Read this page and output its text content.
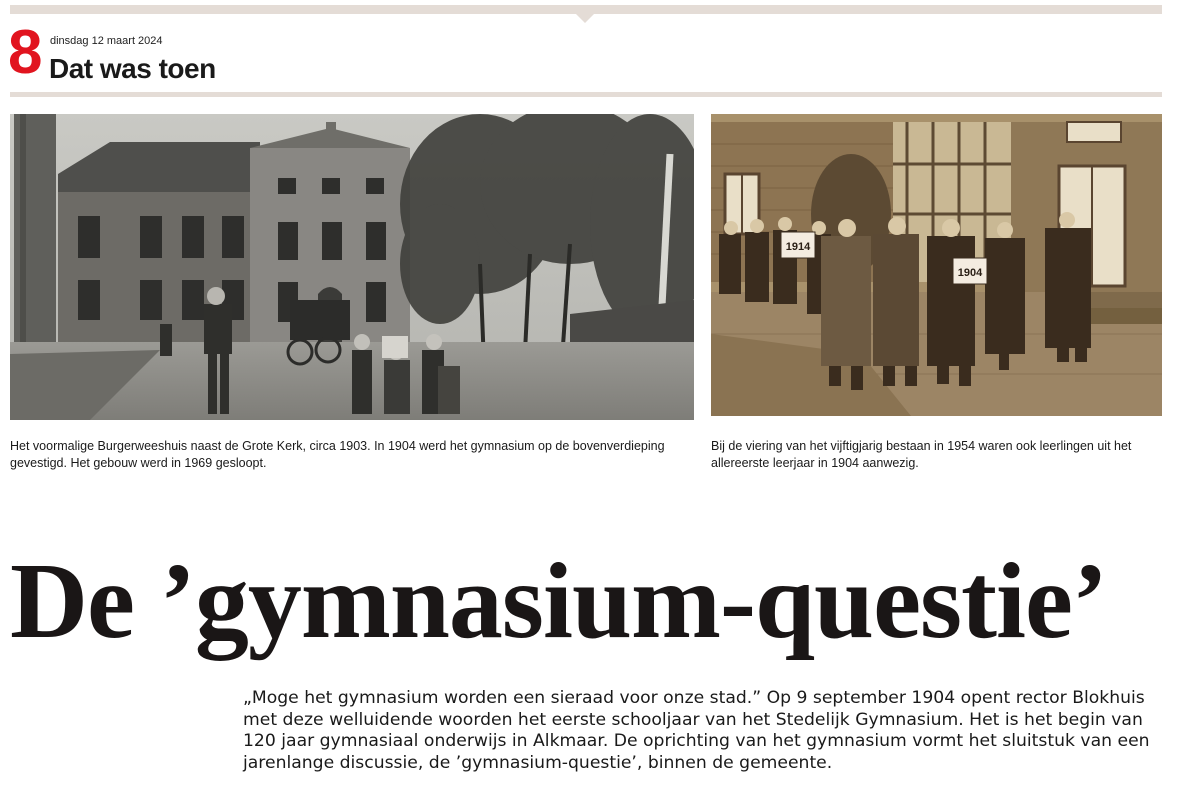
8 dinsdag 12 maart 2024
Dat was toen
1914
1904
Het voormalige Burgerweeshuis naast de Grote Kerk, circa 1903. In 1904 werd het gymnasium op de bovenverdieping gevestigd. Het gebouw werd in 1969 gesloopt.
Bij de viering van het vijftigjarig bestaan in 1954 waren ook leerlingen uit het allereerste leerjaar in 1904 aanwezig.
De ’gymnasium-questie’
„Moge het gymnasium worden een sieraad voor onze stad.” Op 9 september 1904 opent rector Blokhuis met deze welluidende woorden het eerste schooljaar van het Stedelijk Gymnasium. Het is het begin van 120 jaar gymnasiaal onderwijs in Alkmaar. De oprichting van het gymnasium vormt het sluitstuk van een jarenlange discussie, de ’gymnasium-questie’, binnen de gemeente.
